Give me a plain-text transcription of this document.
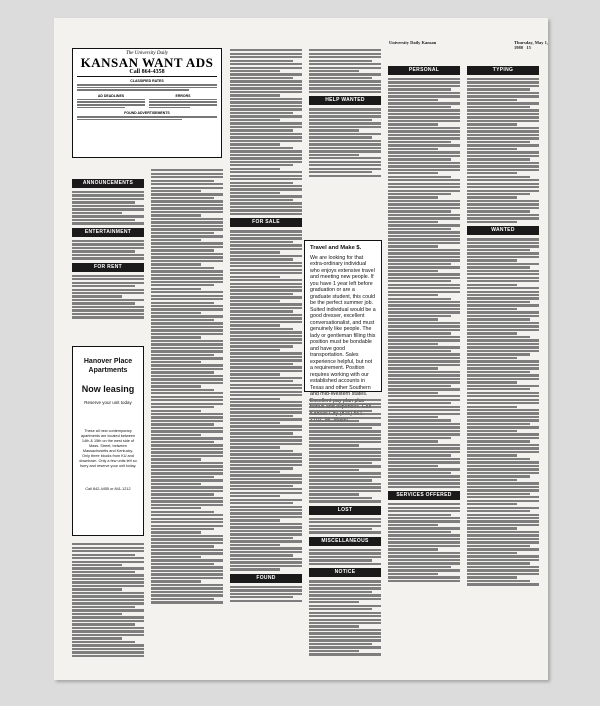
University Daily Kansan	Thursday, May 1, 1980 15
The University Daily
KANSAN WANT ADS
Call 864-4358
CLASSIFIED RATES
AD DEADLINES	ERRORS
FOUND ADVERTISEMENTS
ANNOUNCEMENTS
ENTERTAINMENT
FOR RENT
Hanover Place Apartments
Now leasing
Reserve your unit today
These all new contemporary apartments are located between 14th & 15th on the west side of Mass. Street, between Massachusetts and Kentucky. Only three blocks from KU and downtown. Only a few units left so hurry and reserve your unit today.
Call 842-4455 or 841-1212
FOR SALE
FOUND
HELP WANTED
Travel and Make $.
We are looking for that extra-ordinary individual who enjoys extensive travel and meeting new people. If you have 1 year left before graduation or are a graduate student, this could be the perfect summer job. Suited individual would be a good dresser, excellent conversationalist, and must genuinely like people. The lady or gentleman filling this position must be bondable and have good transportation. Sales experience helpful, but not a requirement. Position requires working with our established accounts in Texas and other Southern and mid-Western states.
LOST
MISCELLANEOUS
NOTICE
PERSONAL
SERVICES OFFERED
TYPING
WANTED
